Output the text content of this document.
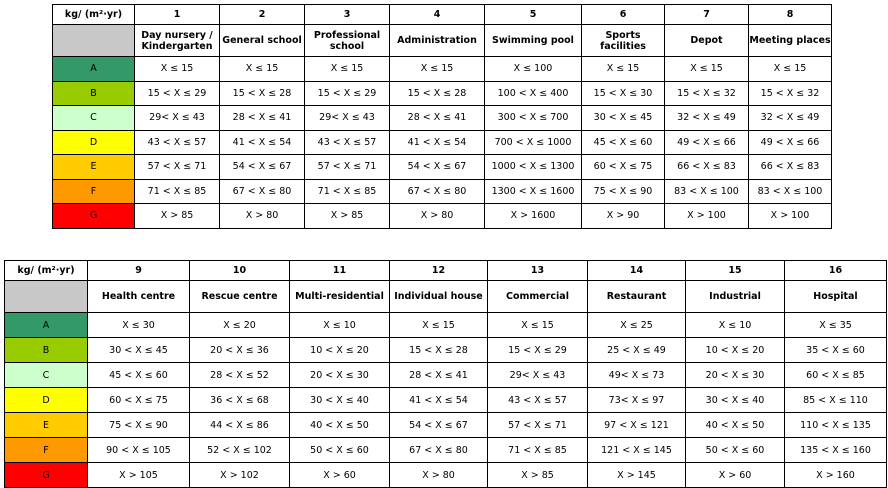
kg/ (m²·yr)	1	2	3	4	5	6	7	8
	Day nursery / Kindergarten	General school	Professional school	Administration	Swimming pool	Sports facilities	Depot	Meeting places
A	X ≤ 15	X ≤ 15	X ≤ 15	X ≤ 15	X ≤ 100	X ≤ 15	X ≤ 15	X ≤ 15
B	15 < X ≤ 29	15 < X ≤ 28	15 < X ≤ 29	15 < X ≤ 28	100 < X ≤ 400	15 < X ≤ 30	15 < X ≤ 32	15 < X ≤ 32
C	29< X ≤ 43	28 < X ≤ 41	29< X ≤ 43	28 < X ≤ 41	300 < X ≤ 700	30 < X ≤ 45	32 < X ≤ 49	32 < X ≤ 49
D	43 < X ≤ 57	41 < X ≤ 54	43 < X ≤ 57	41 < X ≤ 54	700 < X ≤ 1000	45 < X ≤ 60	49 < X ≤ 66	49 < X ≤ 66
E	57 < X ≤ 71	54 < X ≤ 67	57 < X ≤ 71	54 < X ≤ 67	1000 < X ≤ 1300	60 < X ≤ 75	66 < X ≤ 83	66 < X ≤ 83
F	71 < X ≤ 85	67 < X ≤ 80	71 < X ≤ 85	67 < X ≤ 80	1300 < X ≤ 1600	75 < X ≤ 90	83 < X ≤ 100	83 < X ≤ 100
G	X > 85	X > 80	X > 85	X > 80	X > 1600	X > 90	X > 100	X > 100
kg/ (m²·yr)	9	10	11	12	13	14	15	16
	Health centre	Rescue centre	Multi-residential	Individual house	Commercial	Restaurant	Industrial	Hospital
A	X ≤ 30	X ≤ 20	X ≤ 10	X ≤ 15	X ≤ 15	X ≤ 25	X ≤ 10	X ≤ 35
B	30 < X ≤ 45	20 < X ≤ 36	10 < X ≤ 20	15 < X ≤ 28	15 < X ≤ 29	25 < X ≤ 49	10 < X ≤ 20	35 < X ≤ 60
C	45 < X ≤ 60	28 < X ≤ 52	20 < X ≤ 30	28 < X ≤ 41	29< X ≤ 43	49< X ≤ 73	20 < X ≤ 30	60 < X ≤ 85
D	60 < X ≤ 75	36 < X ≤ 68	30 < X ≤ 40	41 < X ≤ 54	43 < X ≤ 57	73< X ≤ 97	30 < X ≤ 40	85 < X ≤ 110
E	75 < X ≤ 90	44 < X ≤ 86	40 < X ≤ 50	54 < X ≤ 67	57 < X ≤ 71	97 < X ≤ 121	40 < X ≤ 50	110 < X ≤ 135
F	90 < X ≤ 105	52 < X ≤ 102	50 < X ≤ 60	67 < X ≤ 80	71 < X ≤ 85	121 < X ≤ 145	50 < X ≤ 60	135 < X ≤ 160
G	X > 105	X > 102	X > 60	X > 80	X > 85	X > 145	X > 60	X > 160
